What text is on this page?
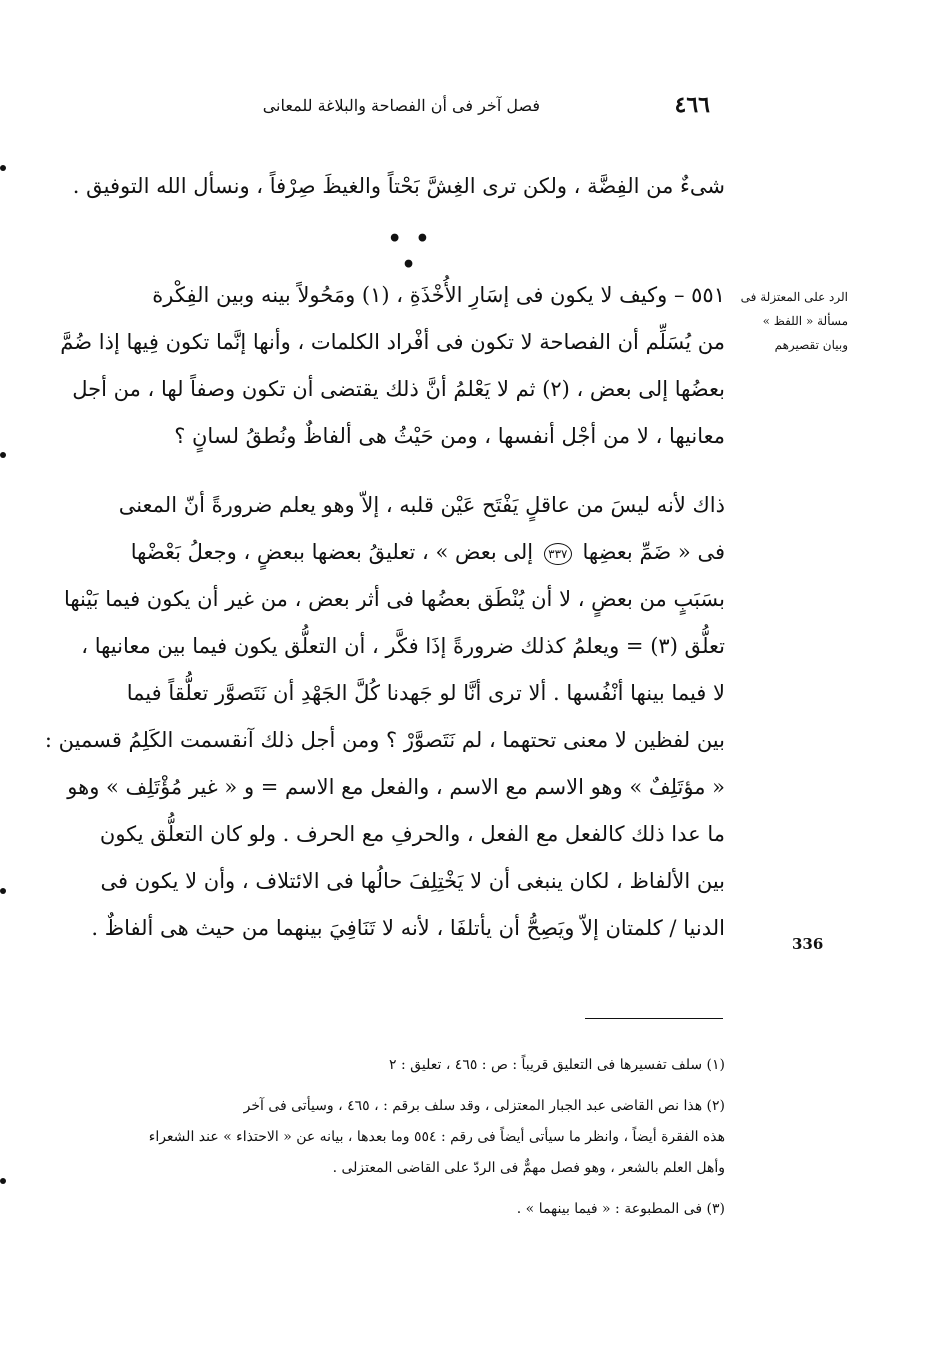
٤٦٦
فصل آخر فى أن الفصاحة والبلاغة للمعانى
شىءٌ من الفِضَّة ، ولكن ترى الغِشَّ بَحْتاً والغيظَ صِرْفاً ، ونسأل الله التوفيق .
• • •
٥٥١ – وكيف لا يكون فى إسَارِ الأُخْذَةِ ، (١) ومَحُولاً بينه وبين الفِكْرة
من يُسَلِّم أن الفصاحة لا تكون فى أفْراد الكلمات ، وأنها إنَّما تكون فِيها إذا ضُمَّ
بعضُها إلى بعض ، (٢) ثم لا يَعْلمُ أنَّ ذلك يقتضى أن تكون وصفاً لها ، من أجل
معانيها ، لا من أجْل أنفسها ، ومن حَيْثُ هى ألفاظٌ ونُطقُ لسانٍ ؟
الرد على المعتزلة فى
مسألة « اللفظ »
وبيان تقصيرهم
ذاك لأنه ليسَ من عاقلٍ يَفْتَح عَيْن قلبه ، إلاّ وهو يعلم ضرورةً أنّ المعنى
فى « ضَمِّ بعضِها ٣٣٧ إلى بعض » ، تعليقُ بعضها ببعضٍ ، وجعلُ بَعْضْها
بسَبَبٍ من بعضٍ ، لا أن يُنْطَق بعضُها فى أثر بعض ، من غير أن يكون فيما بَيْنها
تعلُّق (٣) = ويعلمُ كذلك ضرورةً إذَا فكَّر ، أن التعلُّق يكون فيما بين معانيها ،
لا فيما بينها أنْفُسها . ألا ترى أنَّا لو جَهدنا كُلَّ الجَهْدِ أن نَتَصوَّر تعلُّقاً فيما
بين لفظين لا معنى تحتهما ، لم نَتَصوَّرْ ؟ ومن أجل ذلك آنقسمت الكَلِمُ قسمين :
« مؤتَلِفٌ » وهو الاسم مع الاسم ، والفعل مع الاسم = و « غير مُؤْتَلِف » وهو
ما عدا ذلك كالفعل مع الفعل ، والحرفِ مع الحرف . ولو كان التعلُّق يكون
بين الألفاظ ، لكان ينبغى أن لا يَخْتِلِفَ حالُها فى الائتلاف ، وأن لا يكون فى
الدنيا / كلمتان إلاّ ويَصِحُّ أن يأتلفَا ، لأنه لا تَنَافِيَ بينهما من حيث هى ألفاظٌ .
336
(١) سلف تفسيرها فى التعليق قريباً : ص : ٤٦٥ ، تعليق : ٢
(٢) هذا نص القاضى عبد الجبار المعتزلى ، وقد سلف برقم : ، ٤٦٥ ، وسيأتى فى آخر
هذه الفقرة أيضاً ، وانظر ما سيأتى أيضاً فى رقم : ٥٥٤ وما بعدها ، بيانه عن « الاحتذاء » عند الشعراء
وأهل العلم بالشعر ، وهو فصل مهمٌّ فى الردّ على القاضى المعتزلى .
(٣) فى المطبوعة : « فيما بينهما » .
